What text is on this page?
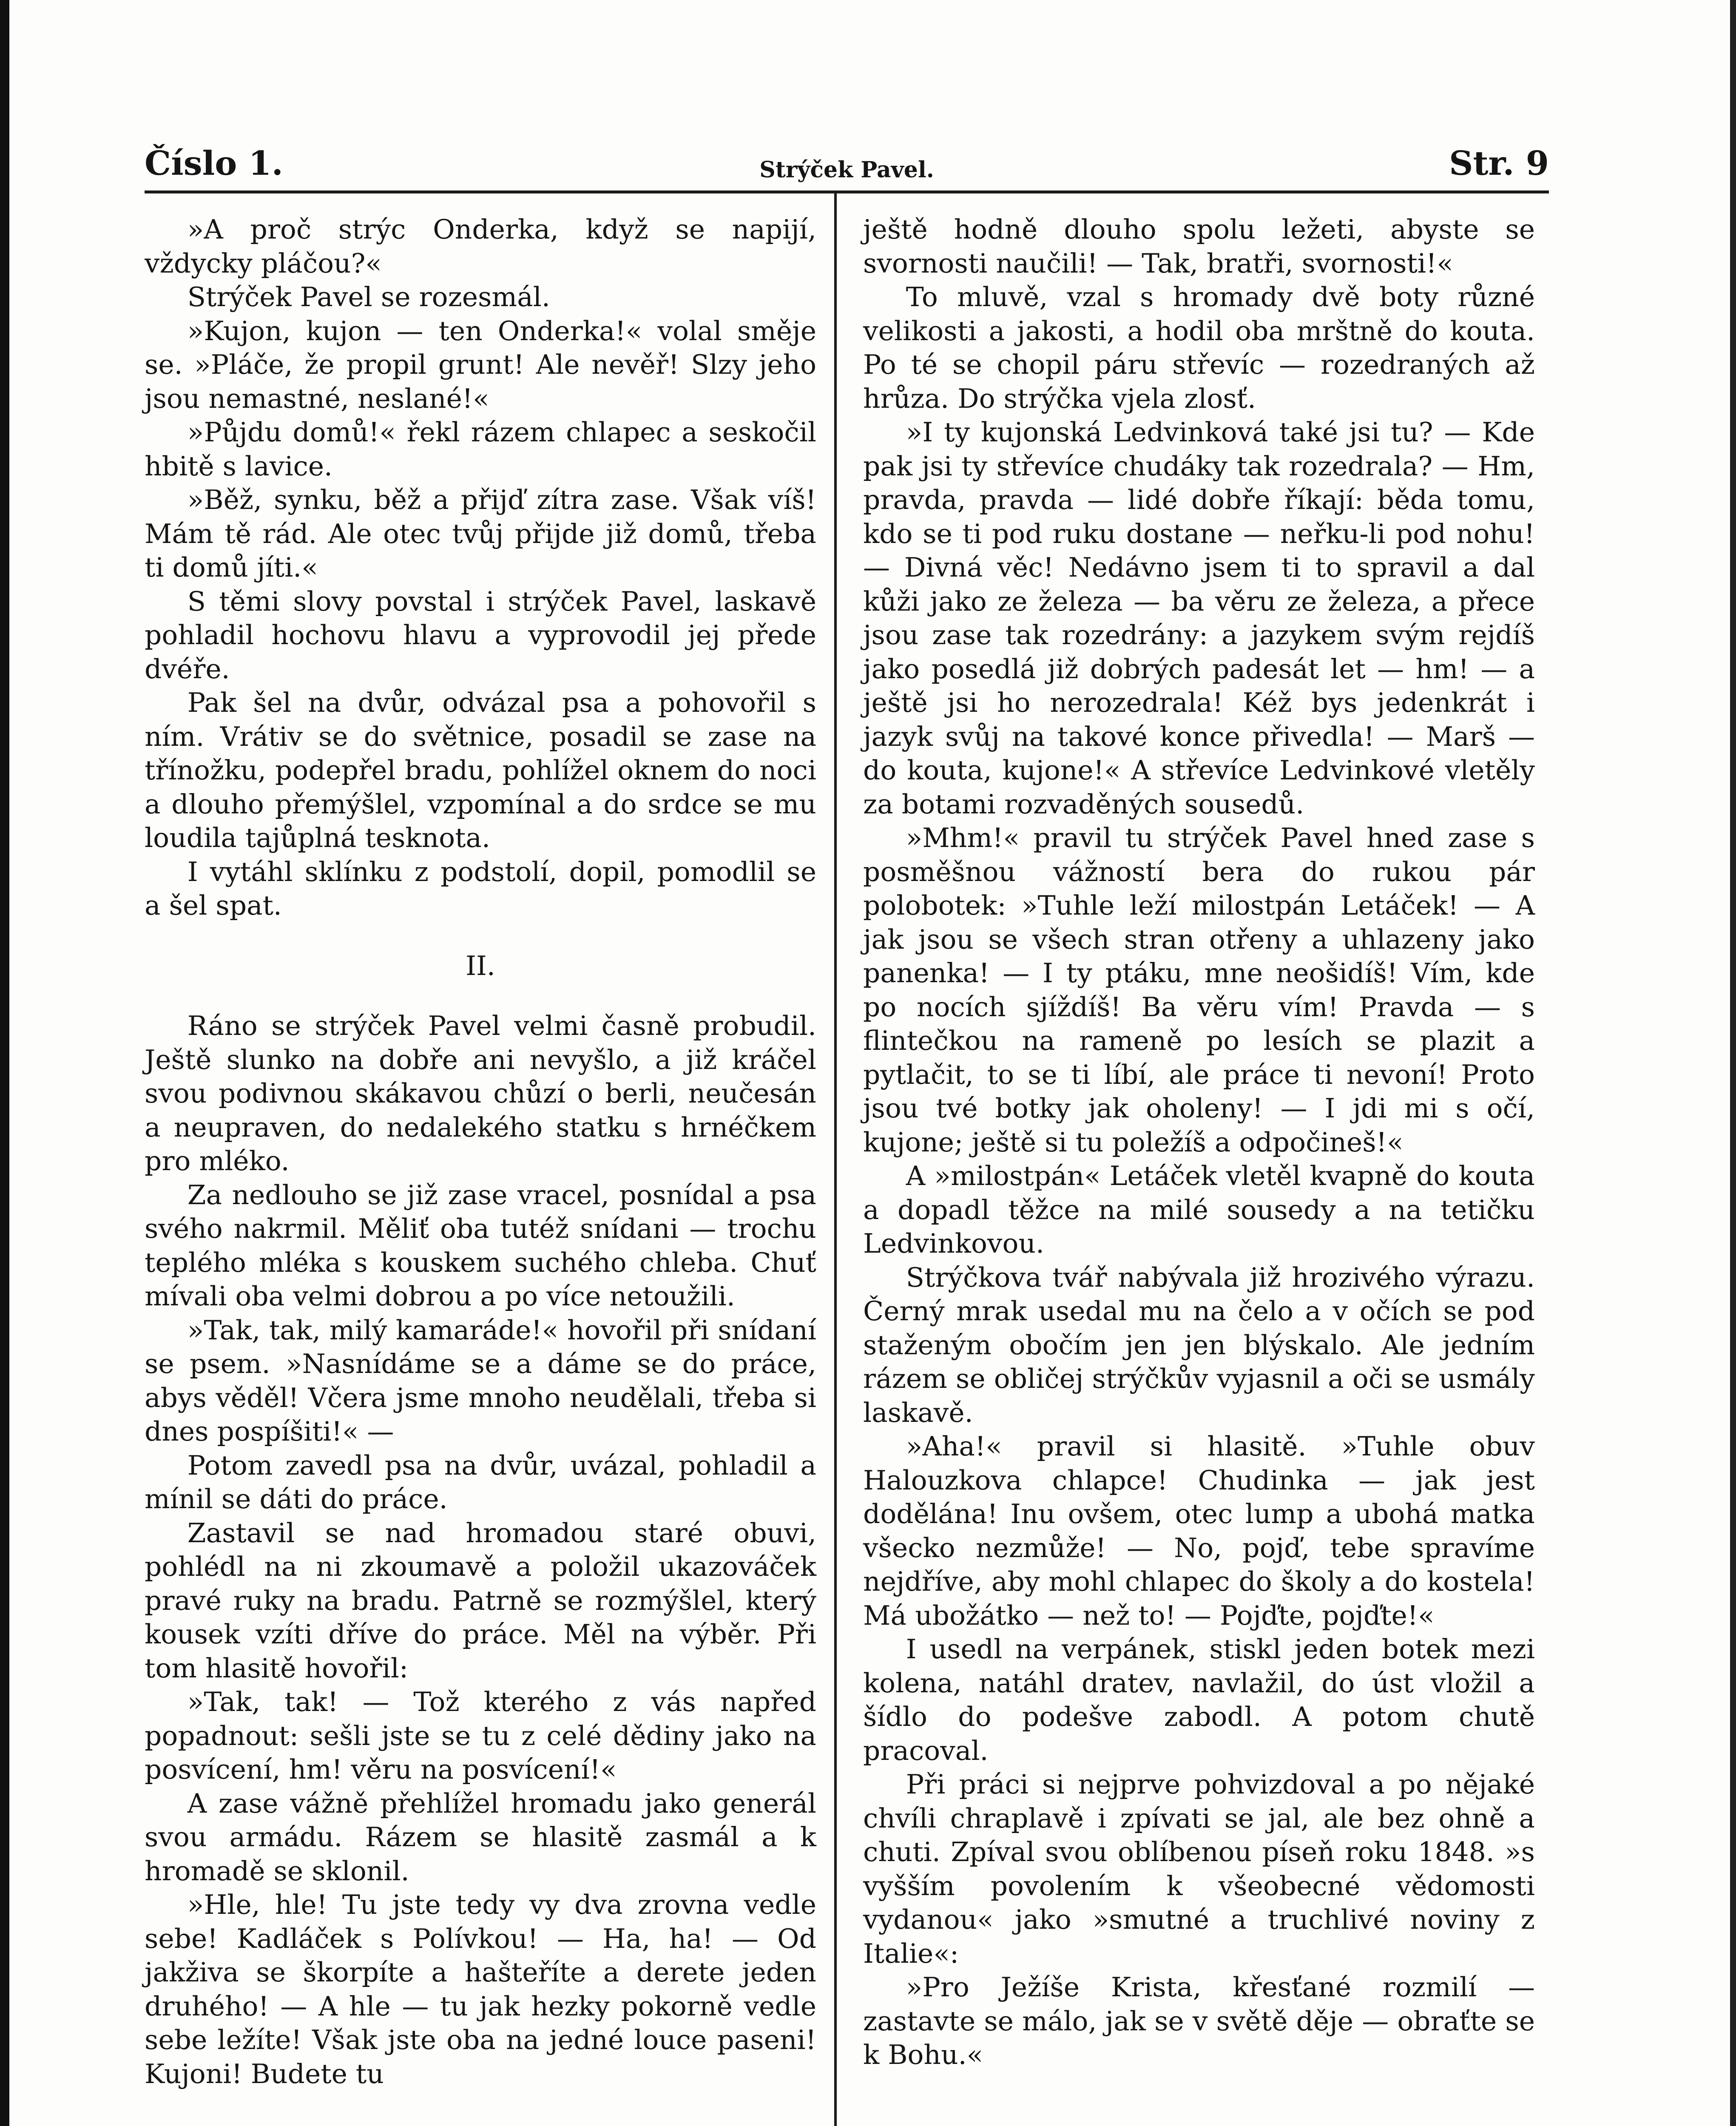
Číslo 1.	Strýček Pavel.	Str. 9

»A proč strýc Onderka, když se napijí, vždycky pláčou?«

Strýček Pavel se rozesmál.

»Kujon, kujon — ten Onderka!« volal směje se. »Pláče, že propil grunt! Ale nevěř! Slzy jeho jsou nemastné, neslané!«

»Půjdu domů!« řekl rázem chlapec a seskočil hbitě s lavice.

»Běž, synku, běž a přijď zítra zase. Však víš! Mám tě rád. Ale otec tvůj přijde již domů, třeba ti domů jíti.«

S těmi slovy povstal i strýček Pavel, laskavě pohladil hochovu hlavu a vyprovodil jej přede dvéře.

Pak šel na dvůr, odvázal psa a pohovořil s ním. Vrátiv se do světnice, posadil se zase na třínožku, podepřel bradu, pohlížel oknem do noci a dlouho přemýšlel, vzpomínal a do srdce se mu loudila tajůplná tesknota.

I vytáhl sklínku z podstolí, dopil, pomodlil se a šel spat.

II.

Ráno se strýček Pavel velmi časně probudil. Ještě slunko na dobře ani nevyšlo, a již kráčel svou podivnou skákavou chůzí o berli, neučesán a neupraven, do nedalekého statku s hrnéčkem pro mléko.

Za nedlouho se již zase vracel, posnídal a psa svého nakrmil. Měliť oba tutéž snídani — trochu teplého mléka s kouskem suchého chleba. Chuť mívali oba velmi dobrou a po více netoužili.

»Tak, tak, milý kamaráde!« hovořil při snídaní se psem. »Nasnídáme se a dáme se do práce, abys věděl! Včera jsme mnoho neudělali, třeba si dnes pospíšiti!« —

Potom zavedl psa na dvůr, uvázal, pohladil a mínil se dáti do práce.

Zastavil se nad hromadou staré obuvi, pohlédl na ni zkoumavě a položil ukazováček pravé ruky na bradu. Patrně se rozmýšlel, který kousek vzíti dříve do práce. Měl na výběr. Při tom hlasitě hovořil:

»Tak, tak! — Tož kterého z vás napřed popadnout: sešli jste se tu z celé dědiny jako na posvícení, hm! věru na posvícení!«

A zase vážně přehlížel hromadu jako generál svou armádu. Rázem se hlasitě zasmál a k hromadě se sklonil.

»Hle, hle! Tu jste tedy vy dva zrovna vedle sebe! Kadláček s Polívkou! — Ha, ha! — Od jakživa se škorpíte a hašteříte a derete jeden druhého! — A hle — tu jak hezky pokorně vedle sebe ležíte! Však jste oba na jedné louce paseni! Kujoni! Budete tu

ještě hodně dlouho spolu ležeti, abyste se svornosti naučili! — Tak, bratři, svornosti!«

To mluvě, vzal s hromady dvě boty různé velikosti a jakosti, a hodil oba mrštně do kouta. Po té se chopil páru střevíc — rozedraných až hrůza. Do strýčka vjela zlosť.

»I ty kujonská Ledvinková také jsi tu? — Kde pak jsi ty střevíce chudáky tak rozedrala? — Hm, pravda, pravda — lidé dobře říkají: běda tomu, kdo se ti pod ruku dostane — neřku-li pod nohu! — Divná věc! Nedávno jsem ti to spravil a dal kůži jako ze železa — ba věru ze železa, a přece jsou zase tak rozedrány: a jazykem svým rejdíš jako posedlá již dobrých padesát let — hm! — a ještě jsi ho nerozedrala! Kéž bys jedenkrát i jazyk svůj na takové konce přivedla! — Marš — do kouta, kujone!« A střevíce Ledvinkové vletěly za botami rozvaděných sousedů.

»Mhm!« pravil tu strýček Pavel hned zase s posměšnou vážností bera do rukou pár polobotek: »Tuhle leží milostpán Letáček! — A jak jsou se všech stran otřeny a uhlazeny jako panenka! — I ty ptáku, mne neošidíš! Vím, kde po nocích sjíždíš! Ba věru vím! Pravda — s flintečkou na rameně po lesích se plazit a pytlačit, to se ti líbí, ale práce ti nevoní! Proto jsou tvé botky jak oholeny! — I jdi mi s očí, kujone; ještě si tu poležíš a odpočineš!«

A »milostpán« Letáček vletěl kvapně do kouta a dopadl těžce na milé sousedy a na tetičku Ledvinkovou.

Strýčkova tvář nabývala již hrozivého výrazu. Černý mrak usedal mu na čelo a v očích se pod staženým obočím jen jen blýskalo. Ale jedním rázem se obličej strýčkův vyjasnil a oči se usmály laskavě.

»Aha!« pravil si hlasitě. »Tuhle obuv Halouzkova chlapce! Chudinka — jak jest dodělána! Inu ovšem, otec lump a ubohá matka všecko nezmůže! — No, pojď, tebe spravíme nejdříve, aby mohl chlapec do školy a do kostela! Má ubožátko — než to! — Pojďte, pojďte!«

I usedl na verpánek, stiskl jeden botek mezi kolena, natáhl dratev, navlažil, do úst vložil a šídlo do podešve zabodl. A potom chutě pracoval.

Při práci si nejprve pohvizdoval a po nějaké chvíli chraplavě i zpívati se jal, ale bez ohně a chuti. Zpíval svou oblíbenou píseň roku 1848. »s vyšším povolením k všeobecné vědomosti vydanou« jako »smutné a truchlivé noviny z Italie«:

»Pro Ježíše Krista, křesťané rozmilí — zastavte se málo, jak se v světě děje — obraťte se k Bohu.«
